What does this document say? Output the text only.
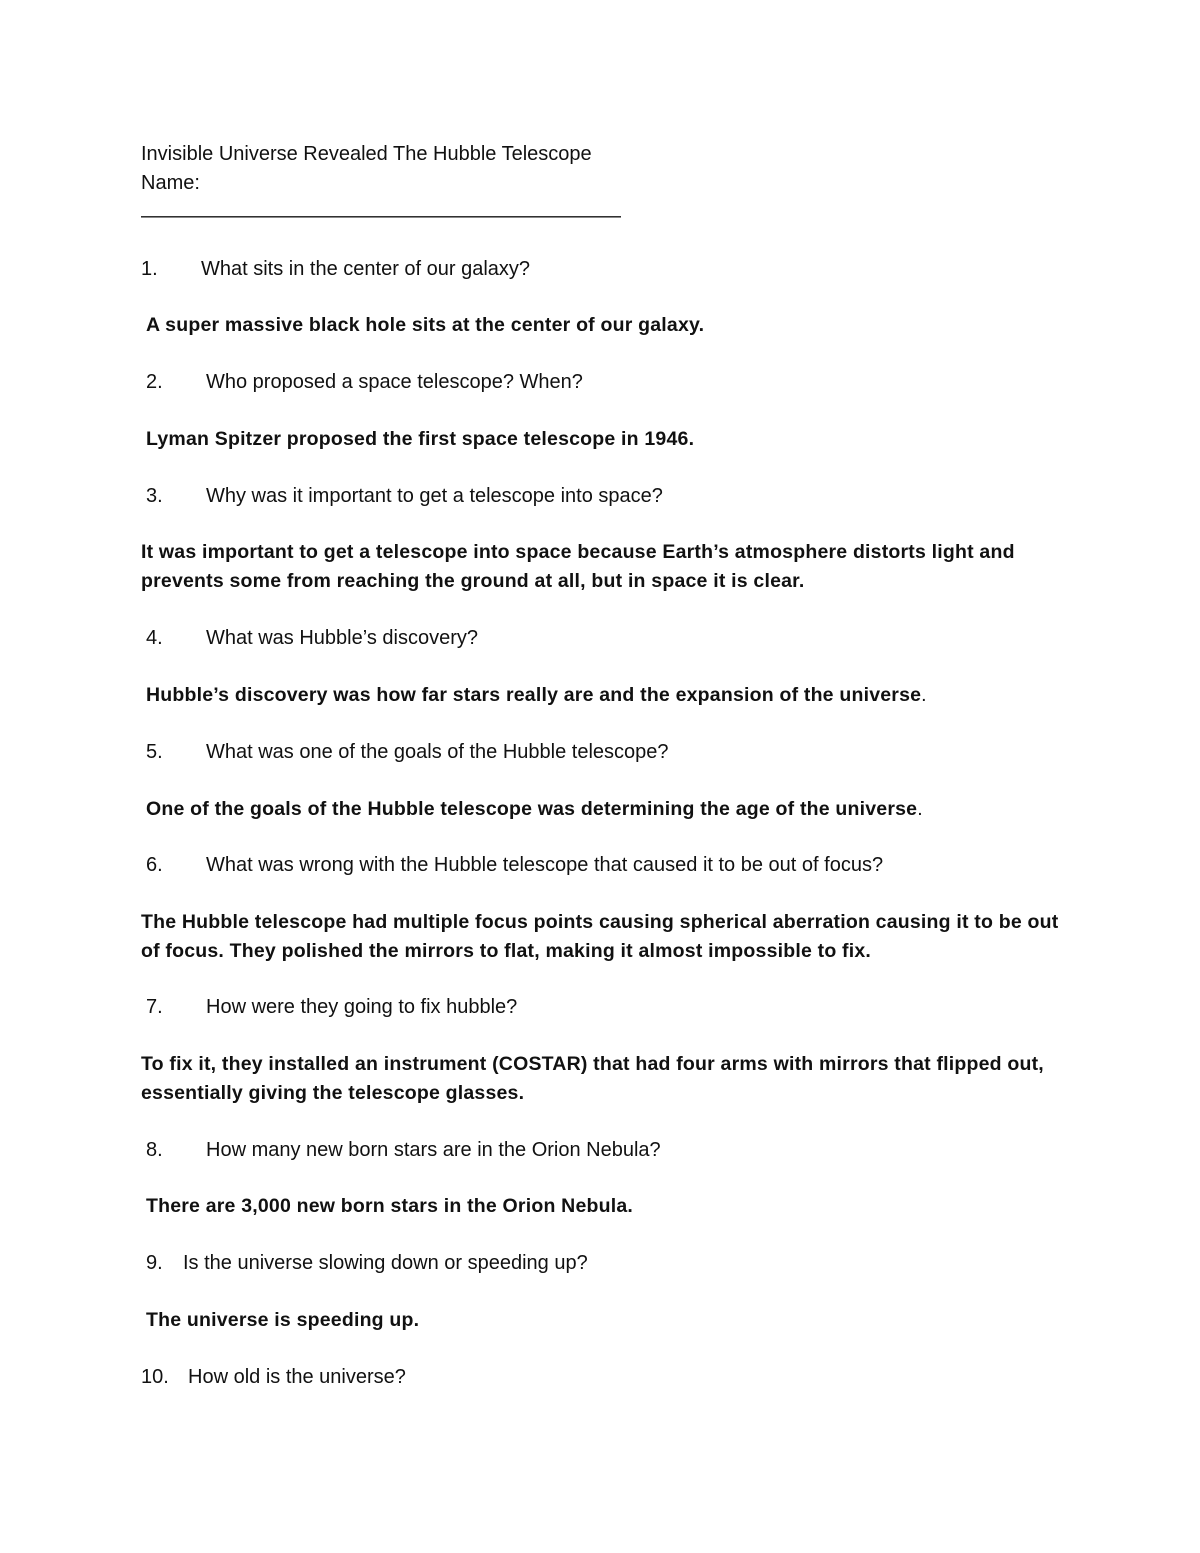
Invisible Universe Revealed The Hubble Telescope
Name:
————————————————————————
1. What sits in the center of our galaxy?
A super massive black hole sits at the center of our galaxy.
2. Who proposed a space telescope? When?
Lyman Spitzer proposed the first space telescope in 1946.
3. Why was it important to get a telescope into space?
It was important to get a telescope into space because Earth’s atmosphere distorts light and prevents some from reaching the ground at all, but in space it is clear.
4. What was Hubble’s discovery?
Hubble’s discovery was how far stars really are and the expansion of the universe.
5. What was one of the goals of the Hubble telescope?
One of the goals of the Hubble telescope was determining the age of the universe.
6. What was wrong with the Hubble telescope that caused it to be out of focus?
The Hubble telescope had multiple focus points causing spherical aberration causing it to be out of focus. They polished the mirrors to flat, making it almost impossible to fix.
7. How were they going to fix hubble?
To fix it, they installed an instrument (COSTAR) that had four arms with mirrors that flipped out, essentially giving the telescope glasses.
8. How many new born stars are in the Orion Nebula?
There are 3,000 new born stars in the Orion Nebula.
9. Is the universe slowing down or speeding up?
The universe is speeding up.
10. How old is the universe?
